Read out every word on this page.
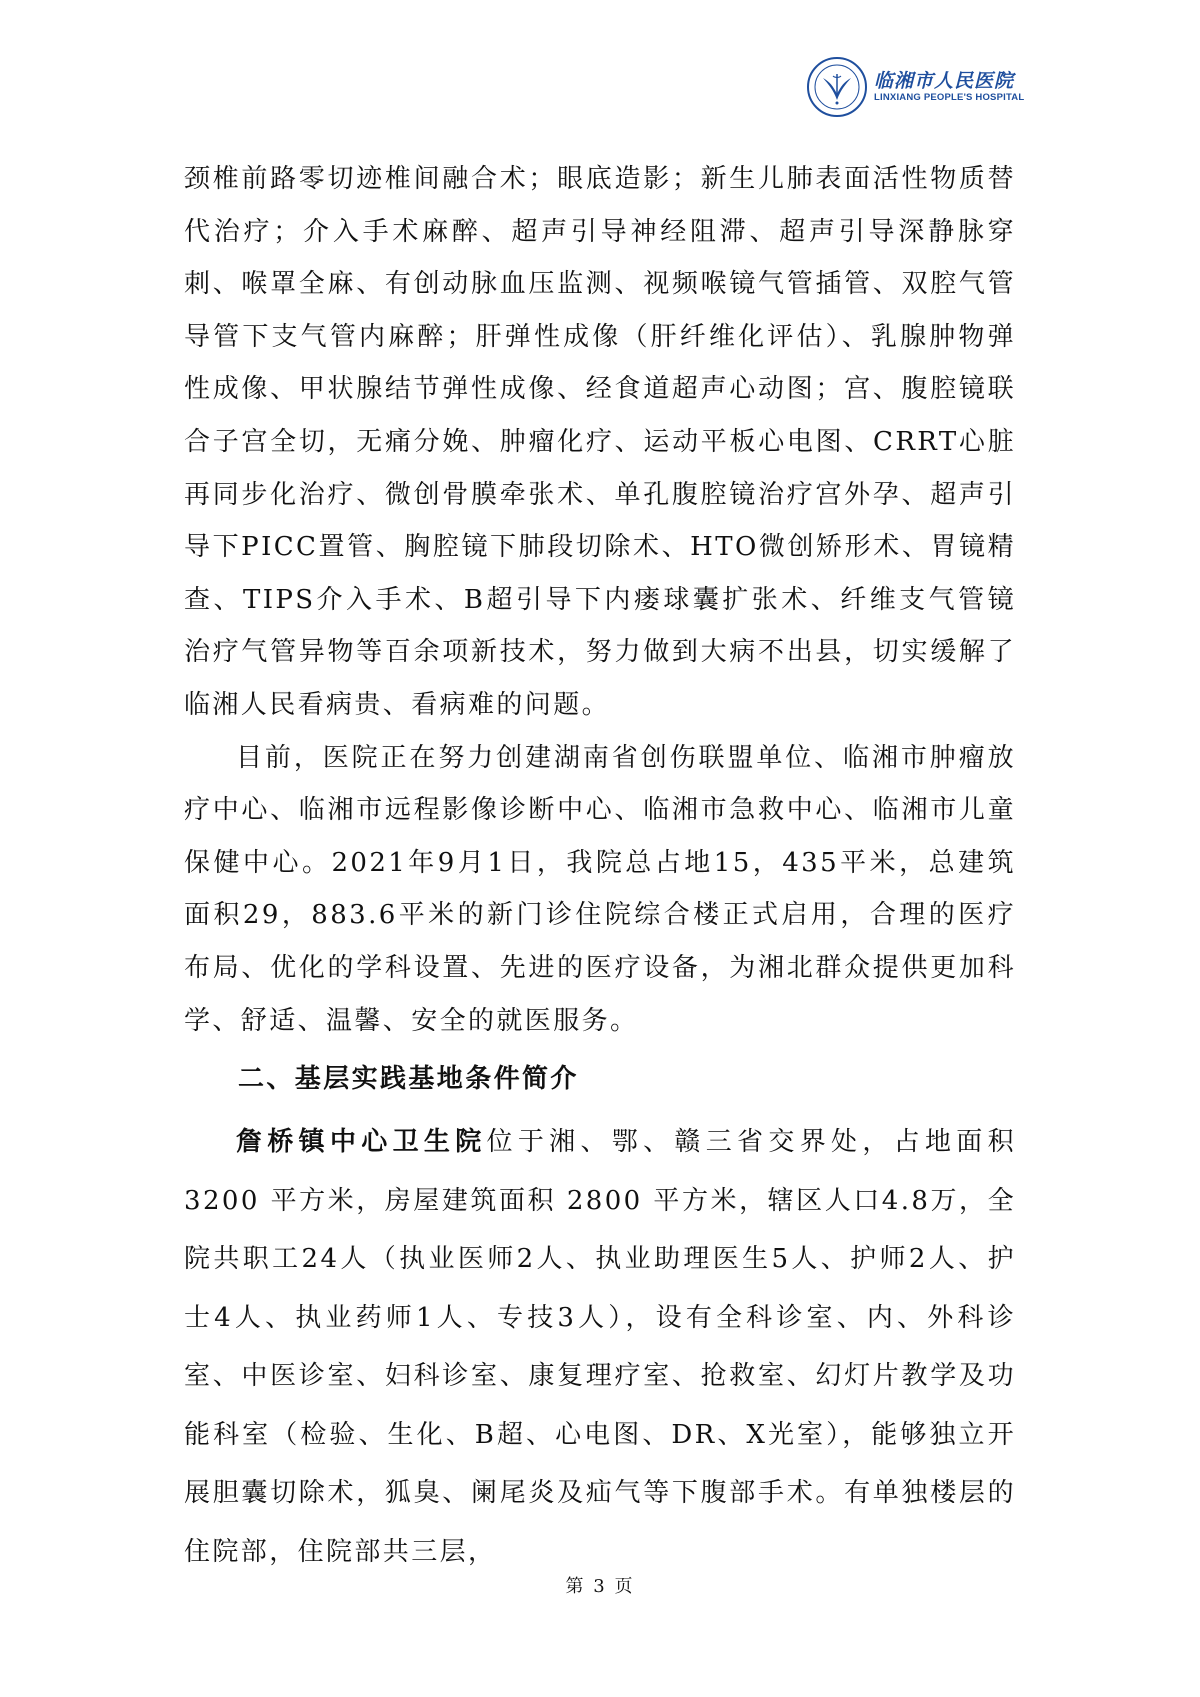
临湘市人民医院
LINXIANG PEOPLE'S HOSPITAL

颈椎前路零切迹椎间融合术；眼底造影；新生儿肺表面活性物质替代治疗；介入手术麻醉、超声引导神经阻滞、超声引导深静脉穿刺、喉罩全麻、有创动脉血压监测、视频喉镜气管插管、双腔气管导管下支气管内麻醉；肝弹性成像（肝纤维化评估）、乳腺肿物弹性成像、甲状腺结节弹性成像、经食道超声心动图；宫、腹腔镜联合子宫全切，无痛分娩、肿瘤化疗、运动平板心电图、CRRT心脏再同步化治疗、微创骨膜牵张术、单孔腹腔镜治疗宫外孕、超声引导下PICC置管、胸腔镜下肺段切除术、HTO微创矫形术、胃镜精查、TIPS介入手术、B超引导下内瘘球囊扩张术、纤维支气管镜治疗气管异物等百余项新技术，努力做到大病不出县，切实缓解了临湘人民看病贵、看病难的问题。

目前，医院正在努力创建湖南省创伤联盟单位、临湘市肿瘤放疗中心、临湘市远程影像诊断中心、临湘市急救中心、临湘市儿童保健中心。2021年9月1日，我院总占地15，435平米，总建筑面积29，883.6平米的新门诊住院综合楼正式启用，合理的医疗布局、优化的学科设置、先进的医疗设备，为湘北群众提供更加科学、舒适、温馨、安全的就医服务。

二、基层实践基地条件简介

詹桥镇中心卫生院位于湘、鄂、赣三省交界处，占地面积 3200 平方米，房屋建筑面积 2800 平方米，辖区人口4.8万，全院共职工24人（执业医师2人、执业助理医生5人、护师2人、护士4人、执业药师1人、专技3人），设有全科诊室、内、外科诊室、中医诊室、妇科诊室、康复理疗室、抢救室、幻灯片教学及功能科室（检验、生化、B超、心电图、DR、X光室），能够独立开展胆囊切除术，狐臭、阑尾炎及疝气等下腹部手术。有单独楼层的住院部，住院部共三层，

第 3 页
